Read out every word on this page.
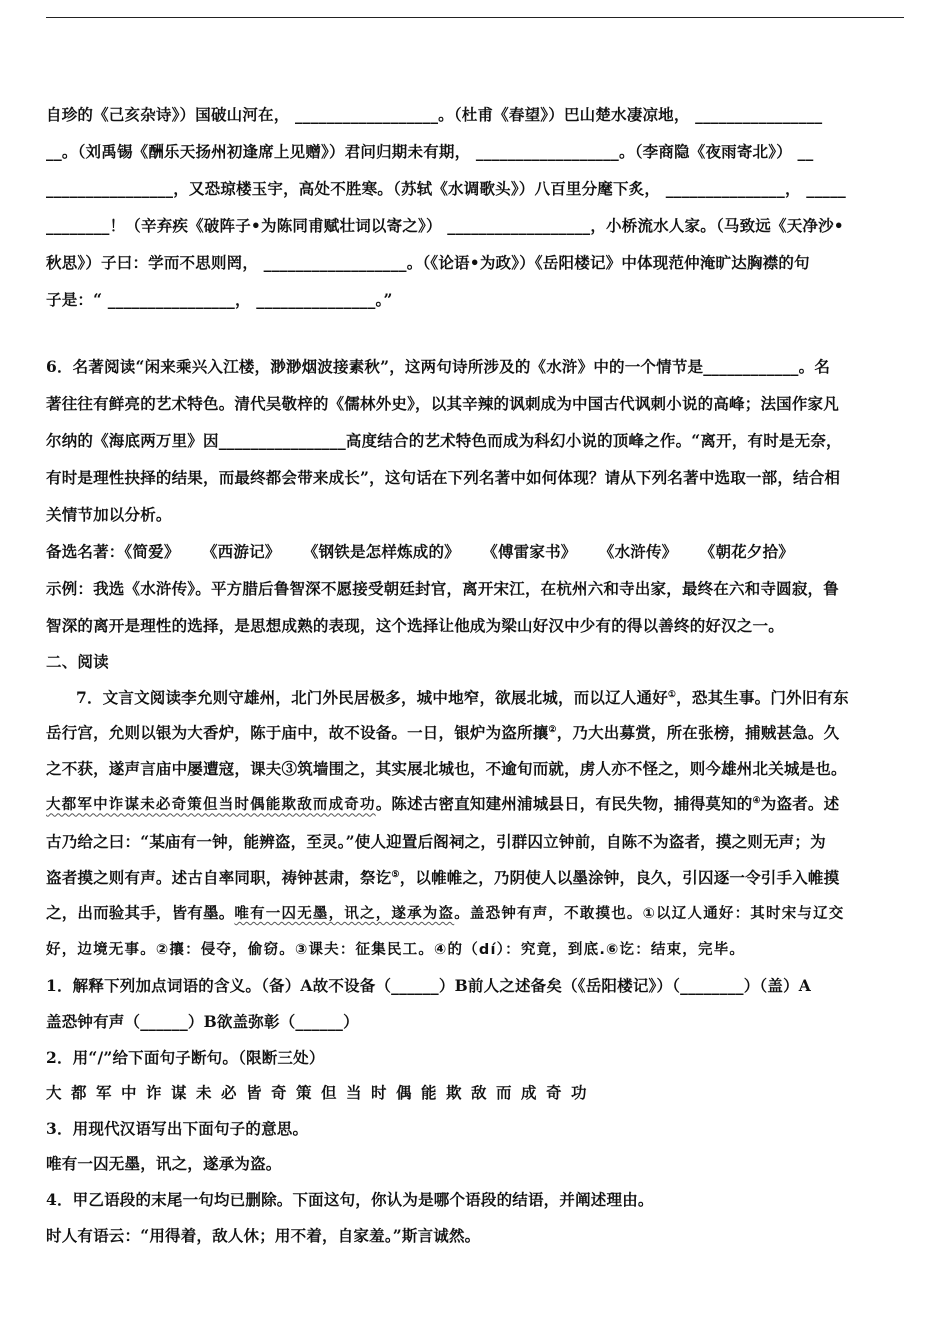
自珍的《己亥杂诗》）国破山河在， __________________。（杜甫《春望》）巴山楚水凄凉地， ________________
__。（刘禹锡《酬乐天扬州初逢席上见赠》）君问归期未有期， __________________。（李商隐《夜雨寄北》） __
________________，又恐琼楼玉宇，高处不胜寒。（苏轼《水调歌头》）八百里分麾下炙， _______________， _____
________！（辛弃疾《破阵子•为陈同甫赋壮词以寄之》） __________________，小桥流水人家。（马致远《天净沙•
秋思》）子曰：学而不思则罔， __________________。（《论语•为政》）《岳阳楼记》中体现范仲淹旷达胸襟的句
子是：“ ________________， _______________。”
6．名著阅读“闲来乘兴入江楼，渺渺烟波接素秋”，这两句诗所涉及的《水浒》中的一个情节是____________。名
著往往有鲜亮的艺术特色。清代吴敬梓的《儒林外史》，以其辛辣的讽刺成为中国古代讽刺小说的高峰；法国作家凡
尔纳的《海底两万里》因________________高度结合的艺术特色而成为科幻小说的顶峰之作。“离开，有时是无奈，
有时是理性抉择的结果，而最终都会带来成长”，这句话在下列名著中如何体现？请从下列名著中选取一部，结合相
关情节加以分析。
备选名著：《简爱》 《西游记》 《钢铁是怎样炼成的》 《傅雷家书》 《水浒传》 《朝花夕拾》
示例：我选《水浒传》。平方腊后鲁智深不愿接受朝廷封官，离开宋江，在杭州六和寺出家，最终在六和寺圆寂，鲁
智深的离开是理性的选择，是思想成熟的表现，这个选择让他成为梁山好汉中少有的得以善终的好汉之一。
二、阅读
7．文言文阅读李允则守雄州，北门外民居极多，城中地窄，欲展北城，而以辽人通好①，恐其生事。门外旧有东
岳行宫，允则以银为大香炉，陈于庙中，故不设备。一日，银炉为盗所攘②，乃大出募赏，所在张榜，捕贼甚急。久
之不获，遂声言庙中屡遭寇，课夫③筑墙围之，其实展北城也，不逾旬而就，虏人亦不怪之，则今雄州北关城是也。
大都军中诈谋未必奇策但当时偶能欺敌而成奇功。陈述古密直知建州浦城县日，有民失物，捕得莫知的④为盗者。述
古乃给之曰：“某庙有一钟，能辨盗，至灵。”使人迎置后阁祠之，引群囚立钟前，自陈不为盗者，摸之则无声；为
盗者摸之则有声。述古自率同职，祷钟甚肃，祭讫⑤，以帷帷之，乃阴使人以墨涂钟，良久，引囚逐一令引手入帷摸
之，出而验其手，皆有墨。唯有一囚无墨，讯之，遂承为盗。盖恐钟有声，不敢摸也。①以辽人通好：其时宋与辽交
好，边境无事。②攘：侵夺，偷窃。③课夫：征集民工。④的（dí）：究竟，到底.⑥讫：结束，完毕。
1．解释下列加点词语的含义。（备）A故不设备（______）B前人之述备矣（《岳阳楼记》）（________）（盖）A
盖恐钟有声（______）B欲盖弥彰（______）
2．用“/”给下面句子断句。（限断三处）
大都军中诈谋未必皆奇策但当时偶能欺敌而成奇功
3．用现代汉语写出下面句子的意思。
唯有一囚无墨，讯之，遂承为盗。
4．甲乙语段的末尾一句均已删除。下面这句，你认为是哪个语段的结语，并阐述理由。
时人有语云：“用得着，敌人休；用不着，自家羞。”斯言诚然。
